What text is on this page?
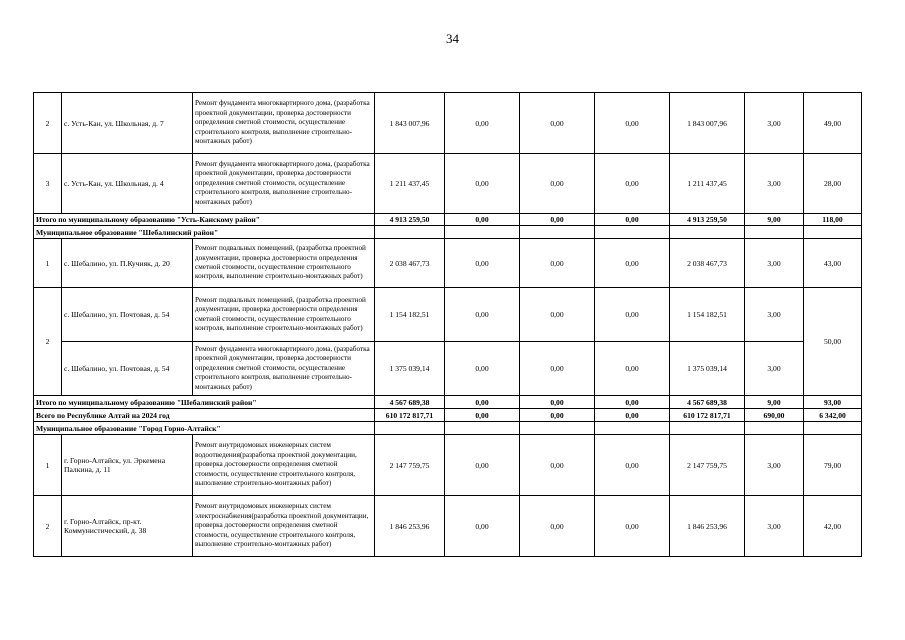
34
2	с. Усть-Кан, ул. Школьная, д. 7	Ремонт фундамента многоквартирного дома, (разработка проектной документации, проверка достоверности определения сметной стоимости, осуществление строительного контроля, выполнение строительно-монтажных работ)	1 843 007,96	0,00	0,00	0,00	1 843 007,96	3,00	49,00
3	с. Усть-Кан, ул. Школьная, д. 4	Ремонт фундамента многоквартирного дома, (разработка проектной документации, проверка достоверности определения сметной стоимости, осуществление строительного контроля, выполнение строительно-монтажных работ)	1 211 437,45	0,00	0,00	0,00	1 211 437,45	3,00	28,00
Итого по муниципальному образованию "Усть-Канскому район"			4 913 259,50	0,00	0,00	0,00	4 913 259,50	9,00	118,00
Муниципальное образование "Шебалинский район"									
1	с. Шебалино, ул. П.Кучияк, д. 20	Ремонт подвальных помещений, (разработка проектной документации, проверка достоверности определения сметной стоимости, осуществление строительного контроля, выполнение строительно-монтажных работ)	2 038 467,73	0,00	0,00	0,00	2 038 467,73	3,00	43,00
2	с. Шебалино, ул. Почтовая, д. 54	Ремонт подвальных помещений, (разработка проектной документации, проверка достоверности определения сметной стоимости, осуществление строительного контроля, выполнение строительно-монтажных работ)	1 154 182,51	0,00	0,00	0,00	1 154 182,51	3,00	50,00
	с. Шебалино, ул. Почтовая, д. 54	Ремонт фундамента многоквартирного дома, (разработка проектной документации, проверка достоверности определения сметной стоимости, осуществление строительного контроля, выполнение строительно-монтажных работ)	1 375 039,14	0,00	0,00	0,00	1 375 039,14	3,00	
Итого по муниципальному образованию "Шебалинский район"			4 567 689,38	0,00	0,00	0,00	4 567 689,38	9,00	93,00
Всего по Республике Алтай на 2024 год			610 172 817,71	0,00	0,00	0,00	610 172 817,71	690,00	6 342,00
Муниципальное образование "Город Горно-Алтайск"									
1	г. Горно-Алтайск, ул. Эркемена Палкина, д. 11	Ремонт внутридомовых инженерных систем водоотведения(разработка проектной документации, проверка достоверности определения сметной стоимости, осуществление строительного контроля, выполнение строительно-монтажных работ)	2 147 759,75	0,00	0,00	0,00	2 147 759,75	3,00	79,00
2	г. Горно-Алтайск, пр-кт. Коммунистический, д. 38	Ремонт внутридомовых инженерных систем электроснабжения(разработка проектной документации, проверка достоверности определения сметной стоимости, осуществление строительного контроля, выполнение строительно-монтажных работ)	1 846 253,96	0,00	0,00	0,00	1 846 253,96	3,00	42,00
